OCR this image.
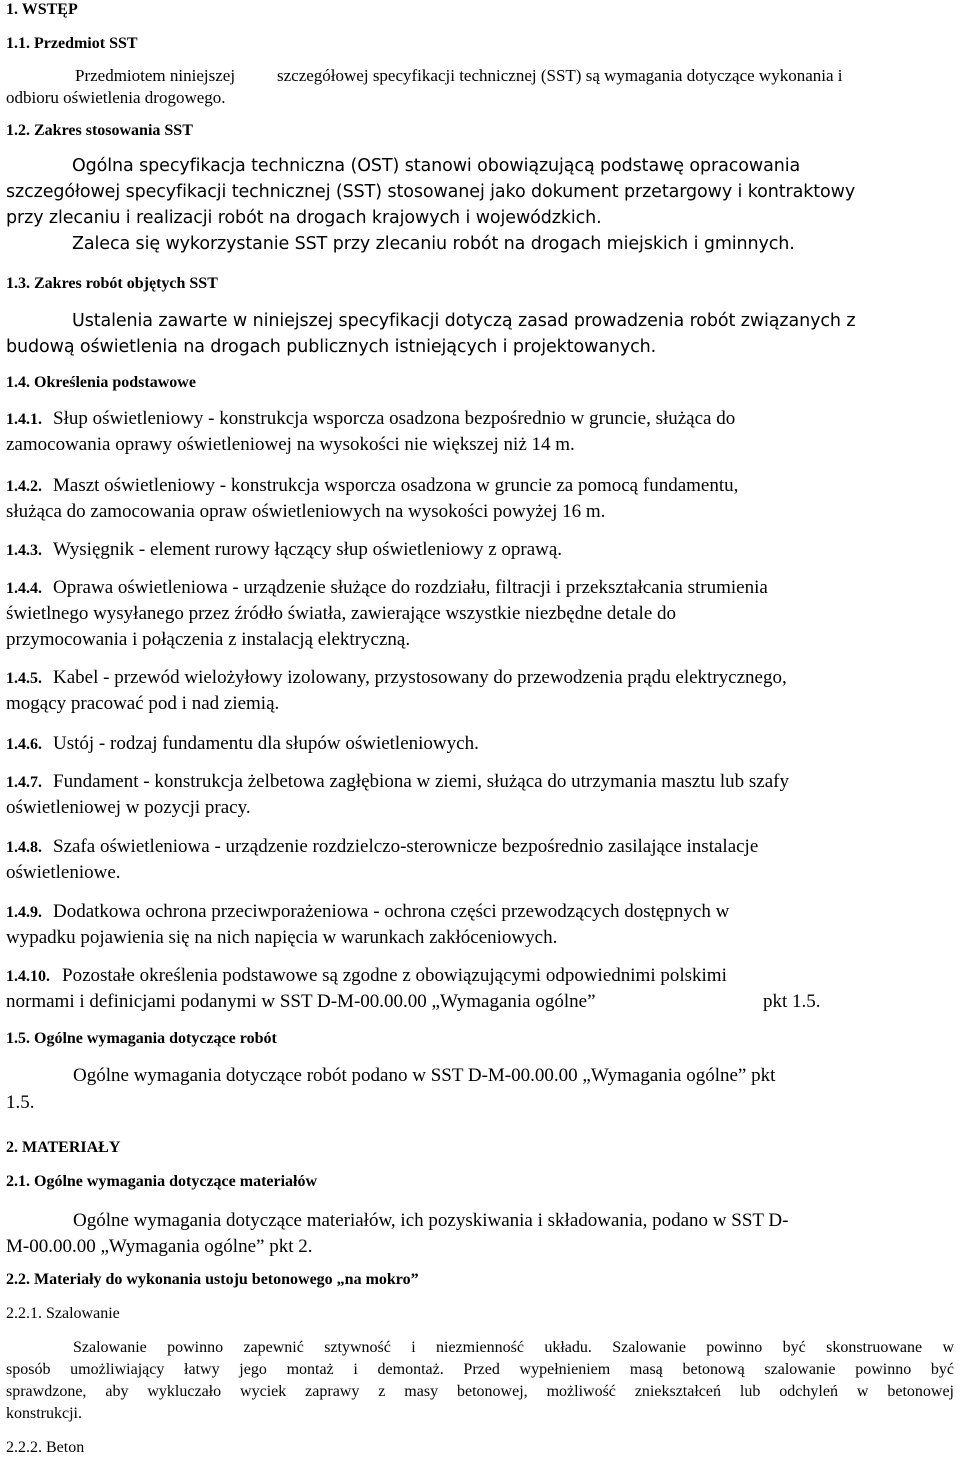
1. WSTĘP
1.1. Przedmiot SST
Przedmiotem niniejszej szczegółowej specyfikacji technicznej (SST) są wymagania dotyczące wykonania i
odbioru oświetlenia drogowego.
1.2. Zakres stosowania SST
Ogólna specyfikacja techniczna (OST) stanowi obowiązującą podstawę opracowania
szczegółowej specyfikacji technicznej (SST) stosowanej jako dokument przetargowy i kontraktowy
przy zlecaniu i realizacji robót na drogach krajowych i wojewódzkich.
Zaleca się wykorzystanie SST przy zlecaniu robót na drogach miejskich i gminnych.
1.3. Zakres robót objętych SST
Ustalenia zawarte w niniejszej specyfikacji dotyczą zasad prowadzenia robót związanych z
budową oświetlenia na drogach publicznych istniejących i projektowanych.
1.4. Określenia podstawowe
1.4.1. Słup oświetleniowy - konstrukcja wsporcza osadzona bezpośrednio w gruncie, służąca do
zamocowania oprawy oświetleniowej na wysokości nie większej niż 14 m.
1.4.2. Maszt oświetleniowy - konstrukcja wsporcza osadzona w gruncie za pomocą fundamentu,
służąca do zamocowania opraw oświetleniowych na wysokości powyżej 16 m.
1.4.3. Wysięgnik - element rurowy łączący słup oświetleniowy z oprawą.
1.4.4. Oprawa oświetleniowa - urządzenie służące do rozdziału, filtracji i przekształcania strumienia
świetlnego wysyłanego przez źródło światła, zawierające wszystkie niezbędne detale do
przymocowania i połączenia z instalacją elektryczną.
1.4.5. Kabel - przewód wielożyłowy izolowany, przystosowany do przewodzenia prądu elektrycznego,
mogący pracować pod i nad ziemią.
1.4.6. Ustój - rodzaj fundamentu dla słupów oświetleniowych.
1.4.7. Fundament - konstrukcja żelbetowa zagłębiona w ziemi, służąca do utrzymania masztu lub szafy
oświetleniowej w pozycji pracy.
1.4.8. Szafa oświetleniowa - urządzenie rozdzielczo-sterownicze bezpośrednio zasilające instalacje
oświetleniowe.
1.4.9. Dodatkowa ochrona przeciwporażeniowa - ochrona części przewodzących dostępnych w
wypadku pojawienia się na nich napięcia w warunkach zakłóceniowych.
1.4.10. Pozostałe określenia podstawowe są zgodne z obowiązującymi odpowiednimi polskimi
normami i definicjami podanymi w SST D-M-00.00.00 „Wymagania ogólne”	pkt 1.5.
1.5. Ogólne wymagania dotyczące robót
Ogólne wymagania dotyczące robót podano w SST D-M-00.00.00 „Wymagania ogólne” pkt
1.5.
2. MATERIAŁY
2.1. Ogólne wymagania dotyczące materiałów
Ogólne wymagania dotyczące materiałów, ich pozyskiwania i składowania, podano w SST D-
M-00.00.00 „Wymagania ogólne” pkt 2.
2.2. Materiały do wykonania ustoju betonowego „na mokro”
2.2.1. Szalowanie
Szalowanie powinno zapewnić sztywność i niezmienność układu. Szalowanie powinno być skonstruowane w
sposób umożliwiający łatwy jego montaż i demontaż. Przed wypełnieniem masą betonową szalowanie powinno być
sprawdzone, aby wykluczało wyciek zaprawy z masy betonowej, możliwość zniekształceń lub odchyleń w betonowej
konstrukcji.
2.2.2. Beton
